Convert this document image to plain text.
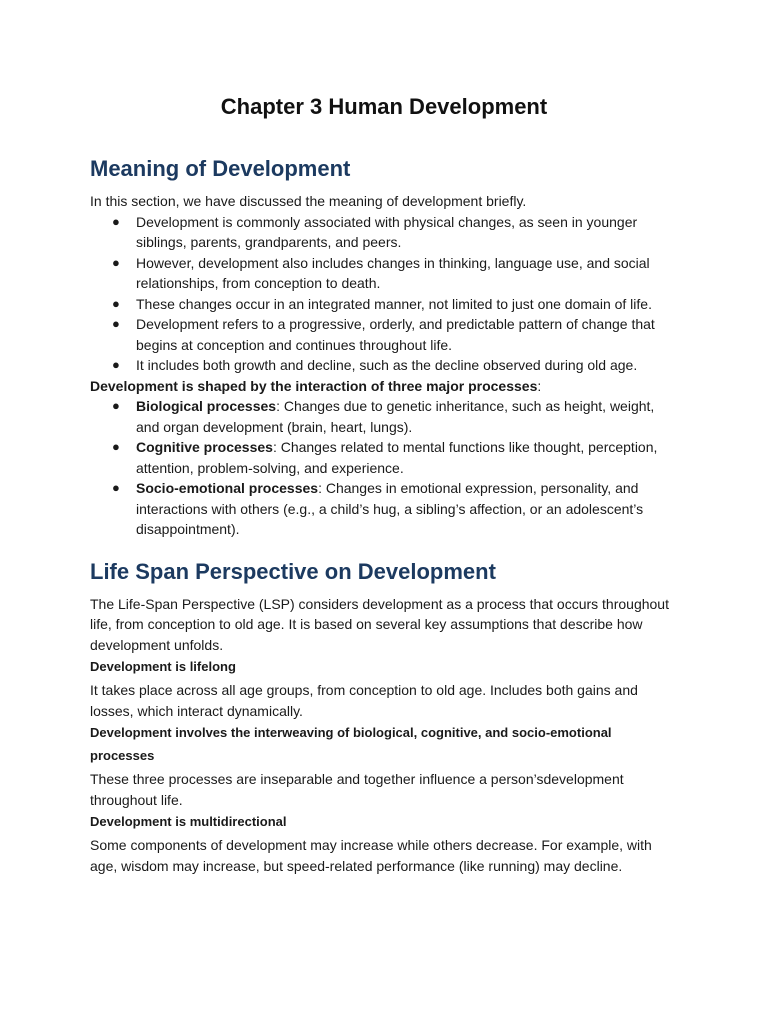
Chapter 3 Human Development
Meaning of Development

In this section, we have discussed the meaning of development briefly.

● Development is commonly associated with physical changes, as seen in younger siblings, parents, grandparents, and peers.
● However, development also includes changes in thinking, language use, and social relationships, from conception to death.
● These changes occur in an integrated manner, not limited to just one domain of life.
● Development refers to a progressive, orderly, and predictable pattern of change that begins at conception and continues throughout life.
● It includes both growth and decline, such as the decline observed during old age.

Development is shaped by the interaction of three major processes:

● Biological processes: Changes due to genetic inheritance, such as height, weight, and organ development (brain, heart, lungs).
● Cognitive processes: Changes related to mental functions like thought, perception, attention, problem-solving, and experience.
● Socio-emotional processes: Changes in emotional expression, personality, and interactions with others (e.g., a child’s hug, a sibling’s affection, or an adolescent’s disappointment).
Life Span Perspective on Development

The Life-Span Perspective (LSP) considers development as a process that occurs throughout life, from conception to old age. It is based on several key assumptions that describe how development unfolds.

Development is lifelong

It takes place across all age groups, from conception to old age. Includes both gains and losses, which interact dynamically.

Development involves the interweaving of biological, cognitive, and socio-emotional processes

These three processes are inseparable and together influence a person’sdevelopment throughout life.

Development is multidirectional

Some components of development may increase while others decrease. For example, with age, wisdom may increase, but speed-related performance (like running) may decline.
